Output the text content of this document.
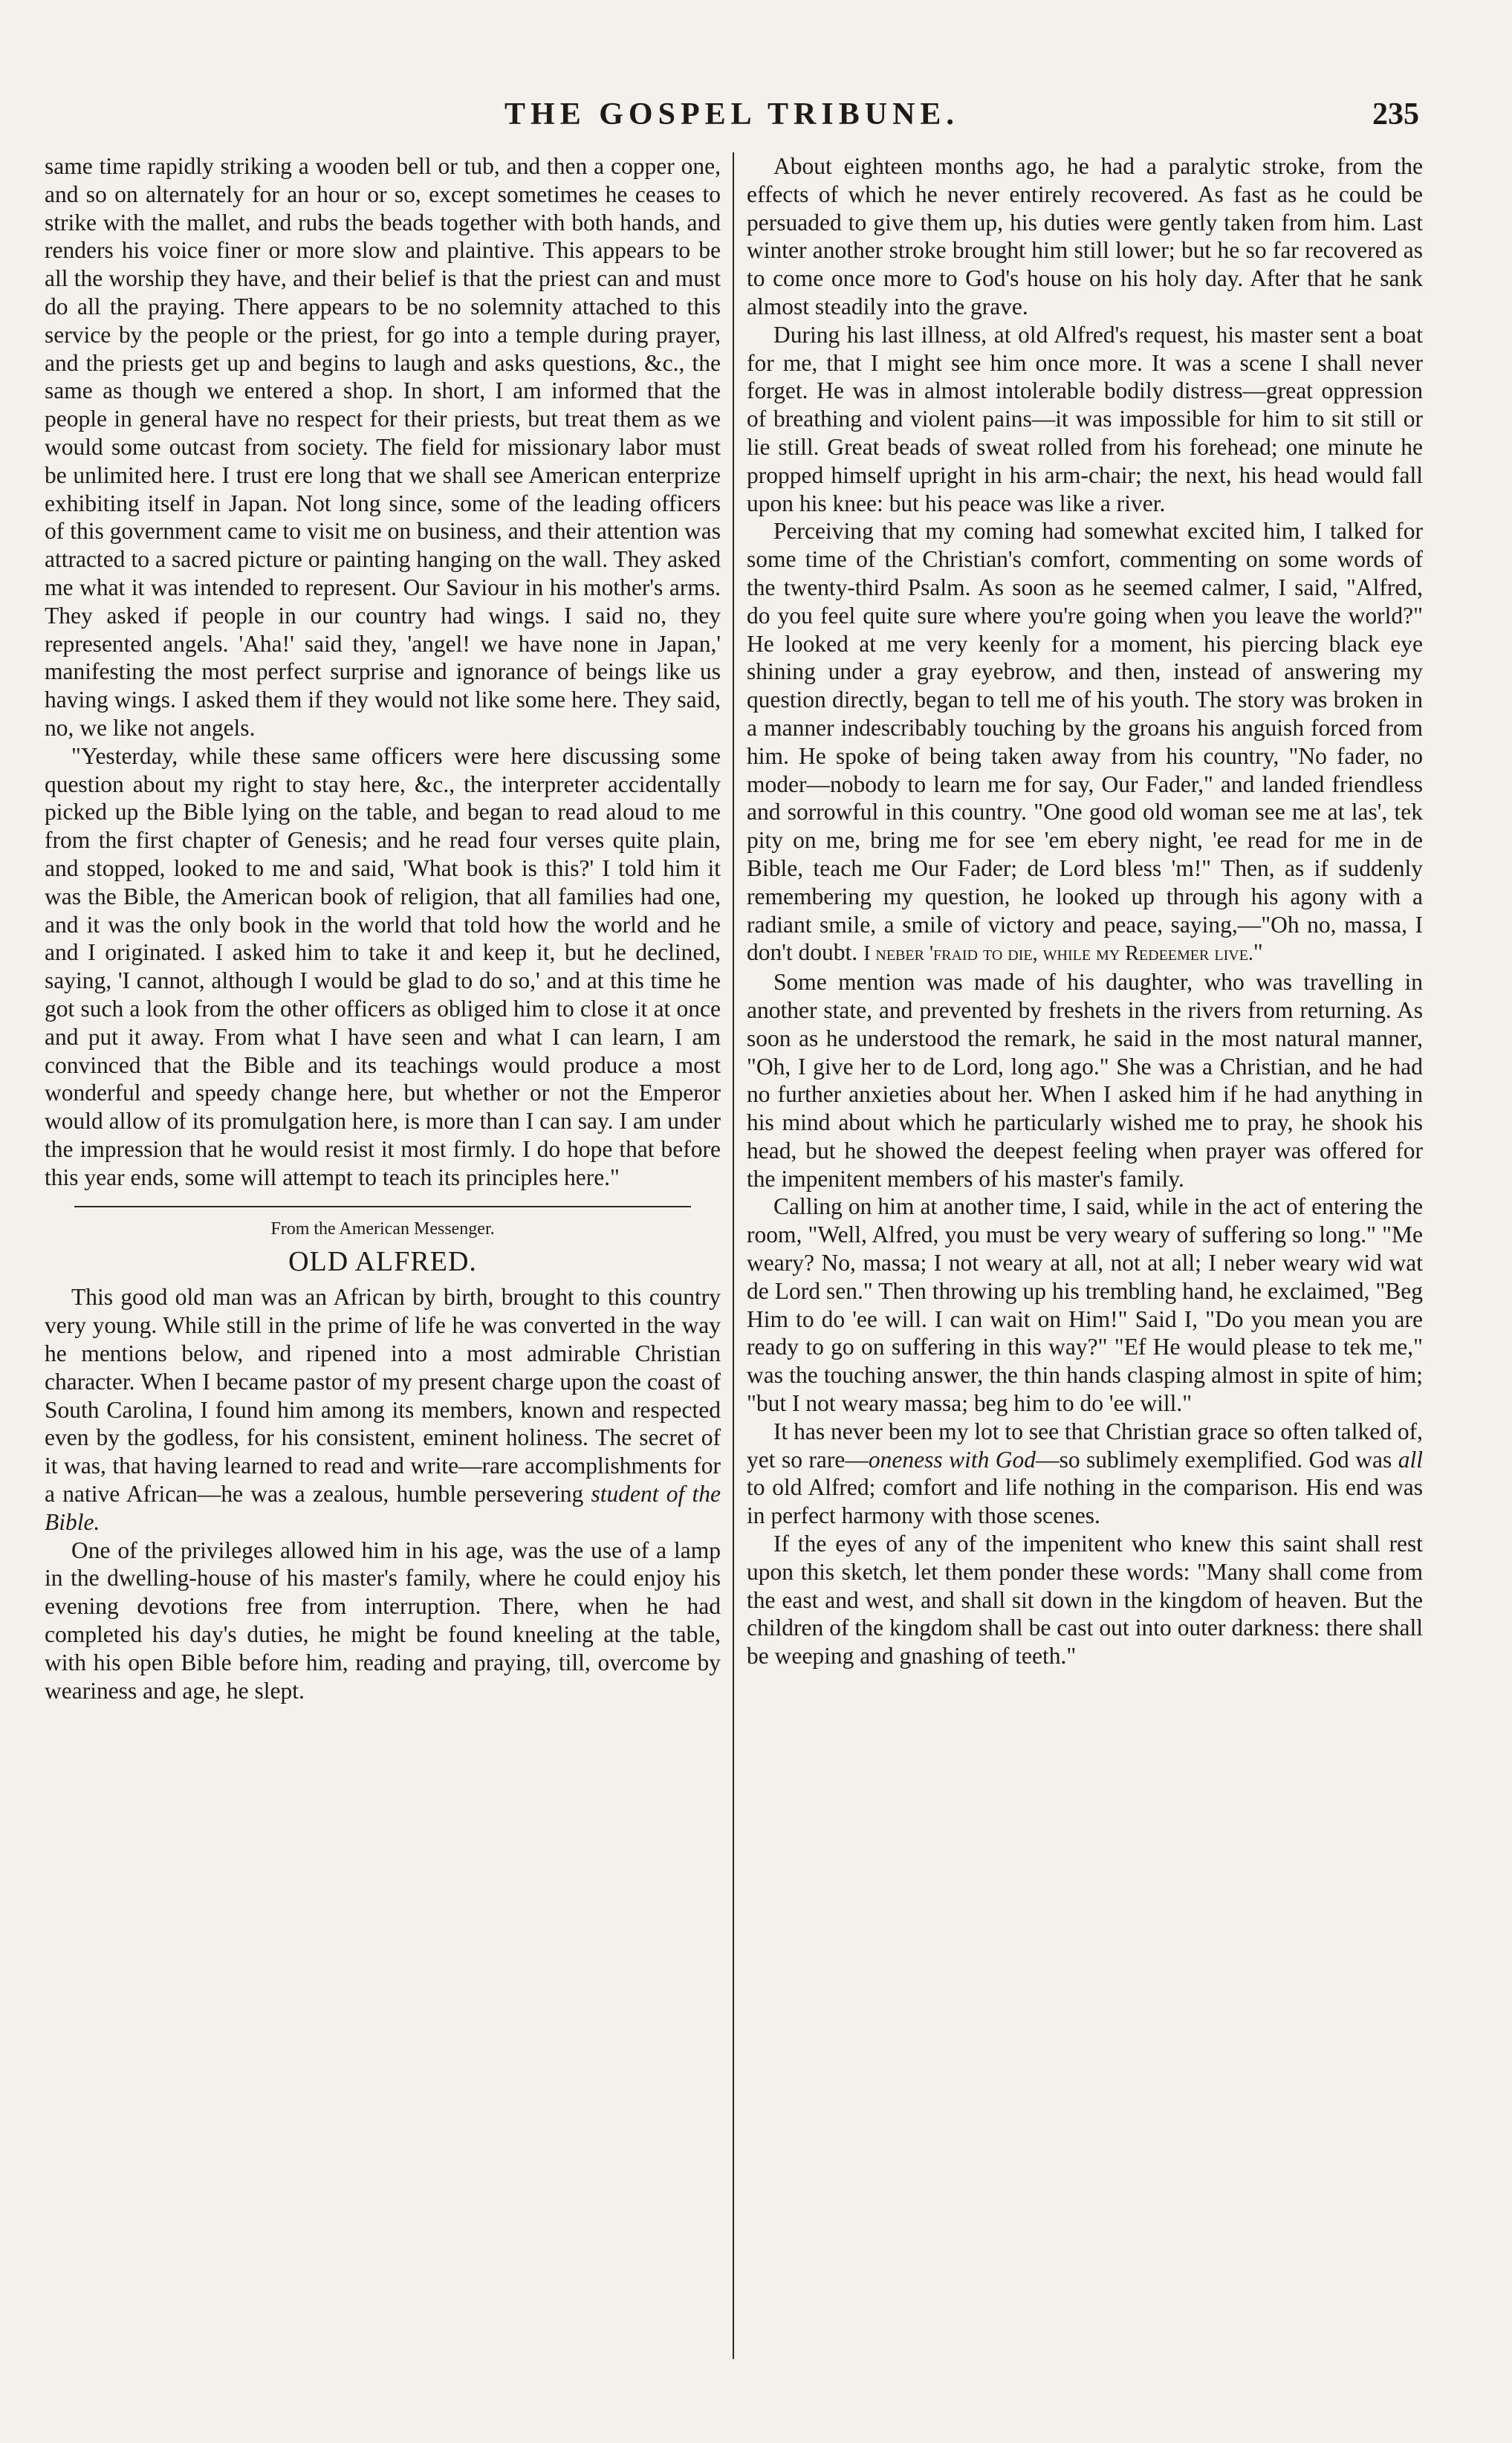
THE GOSPEL TRIBUNE.	235

same time rapidly striking a wooden bell or tub, and then a copper one, and so on alternately for an hour or so, except sometimes he ceases to strike with the mallet, and rubs the beads together with both hands, and renders his voice finer or more slow and plaintive. This appears to be all the worship they have, and their belief is that the priest can and must do all the praying. There appears to be no solemnity attached to this service by the people or the priest, for go into a temple during prayer, and the priests get up and begins to laugh and asks questions, &c., the same as though we entered a shop. In short, I am informed that the people in general have no respect for their priests, but treat them as we would some outcast from society. The field for missionary labor must be unlimited here. I trust ere long that we shall see American enterprize exhibiting itself in Japan. Not long since, some of the leading officers of this government came to visit me on business, and their attention was attracted to a sacred picture or painting hanging on the wall. They asked me what it was intended to represent. Our Saviour in his mother's arms. They asked if people in our country had wings. I said no, they represented angels. 'Aha!' said they, 'angel! we have none in Japan,' manifesting the most perfect surprise and ignorance of beings like us having wings. I asked them if they would not like some here. They said, no, we like not angels.

"Yesterday, while these same officers were here discussing some question about my right to stay here, &c., the interpreter accidentally picked up the Bible lying on the table, and began to read aloud to me from the first chapter of Genesis; and he read four verses quite plain, and stopped, looked to me and said, 'What book is this?' I told him it was the Bible, the American book of religion, that all families had one, and it was the only book in the world that told how the world and he and I originated. I asked him to take it and keep it, but he declined, saying, 'I cannot, although I would be glad to do so,' and at this time he got such a look from the other officers as obliged him to close it at once and put it away. From what I have seen and what I can learn, I am convinced that the Bible and its teachings would produce a most wonderful and speedy change here, but whether or not the Emperor would allow of its promulgation here, is more than I can say. I am under the impression that he would resist it most firmly. I do hope that before this year ends, some will attempt to teach its principles here."

From the American Messenger.
OLD ALFRED.

This good old man was an African by birth, brought to this country very young. While still in the prime of life he was converted in the way he mentions below, and ripened into a most admirable Christian character. When I became pastor of my present charge upon the coast of South Carolina, I found him among its members, known and respected even by the godless, for his consistent, eminent holiness. The secret of it was, that having learned to read and write—rare accomplishments for a native African—he was a zealous, humble persevering student of the Bible.

One of the privileges allowed him in his age, was the use of a lamp in the dwelling-house of his master's family, where he could enjoy his evening devotions free from interruption. There, when he had completed his day's duties, he might be found kneeling at the table, with his open Bible before him, reading and praying, till, overcome by weariness and age, he slept.

About eighteen months ago, he had a paralytic stroke, from the effects of which he never entirely recovered. As fast as he could be persuaded to give them up, his duties were gently taken from him. Last winter another stroke brought him still lower; but he so far recovered as to come once more to God's house on his holy day. After that he sank almost steadily into the grave.

During his last illness, at old Alfred's request, his master sent a boat for me, that I might see him once more. It was a scene I shall never forget. He was in almost intolerable bodily distress—great oppression of breathing and violent pains—it was impossible for him to sit still or lie still. Great beads of sweat rolled from his forehead; one minute he propped himself upright in his arm-chair; the next, his head would fall upon his knee: but his peace was like a river.

Perceiving that my coming had somewhat excited him, I talked for some time of the Christian's comfort, commenting on some words of the twenty-third Psalm. As soon as he seemed calmer, I said, "Alfred, do you feel quite sure where you're going when you leave the world?" He looked at me very keenly for a moment, his piercing black eye shining under a gray eyebrow, and then, instead of answering my question directly, began to tell me of his youth. The story was broken in a manner indescribably touching by the groans his anguish forced from him. He spoke of being taken away from his country, "No fader, no moder—nobody to learn me for say, Our Fader," and landed friendless and sorrowful in this country. "One good old woman see me at las', tek pity on me, bring me for see 'em ebery night, 'ee read for me in de Bible, teach me Our Fader; de Lord bless 'm!" Then, as if suddenly remembering my question, he looked up through his agony with a radiant smile, a smile of victory and peace, saying,—"Oh no, massa, I don't doubt. I neber 'fraid to die, while my Redeemer live."

Some mention was made of his daughter, who was travelling in another state, and prevented by freshets in the rivers from returning. As soon as he understood the remark, he said in the most natural manner, "Oh, I give her to de Lord, long ago." She was a Christian, and he had no further anxieties about her. When I asked him if he had anything in his mind about which he particularly wished me to pray, he shook his head, but he showed the deepest feeling when prayer was offered for the impenitent members of his master's family.

Calling on him at another time, I said, while in the act of entering the room, "Well, Alfred, you must be very weary of suffering so long." "Me weary? No, massa; I not weary at all, not at all; I neber weary wid wat de Lord sen." Then throwing up his trembling hand, he exclaimed, "Beg Him to do 'ee will. I can wait on Him!" Said I, "Do you mean you are ready to go on suffering in this way?" "Ef He would please to tek me," was the touching answer, the thin hands clasping almost in spite of him; "but I not weary massa; beg him to do 'ee will."

It has never been my lot to see that Christian grace so often talked of, yet so rare—oneness with God—so sublimely exemplified. God was all to old Alfred; comfort and life nothing in the comparison. His end was in perfect harmony with those scenes.

If the eyes of any of the impenitent who knew this saint shall rest upon this sketch, let them ponder these words: "Many shall come from the east and west, and shall sit down in the kingdom of heaven. But the children of the kingdom shall be cast out into outer darkness: there shall be weeping and gnashing of teeth."
